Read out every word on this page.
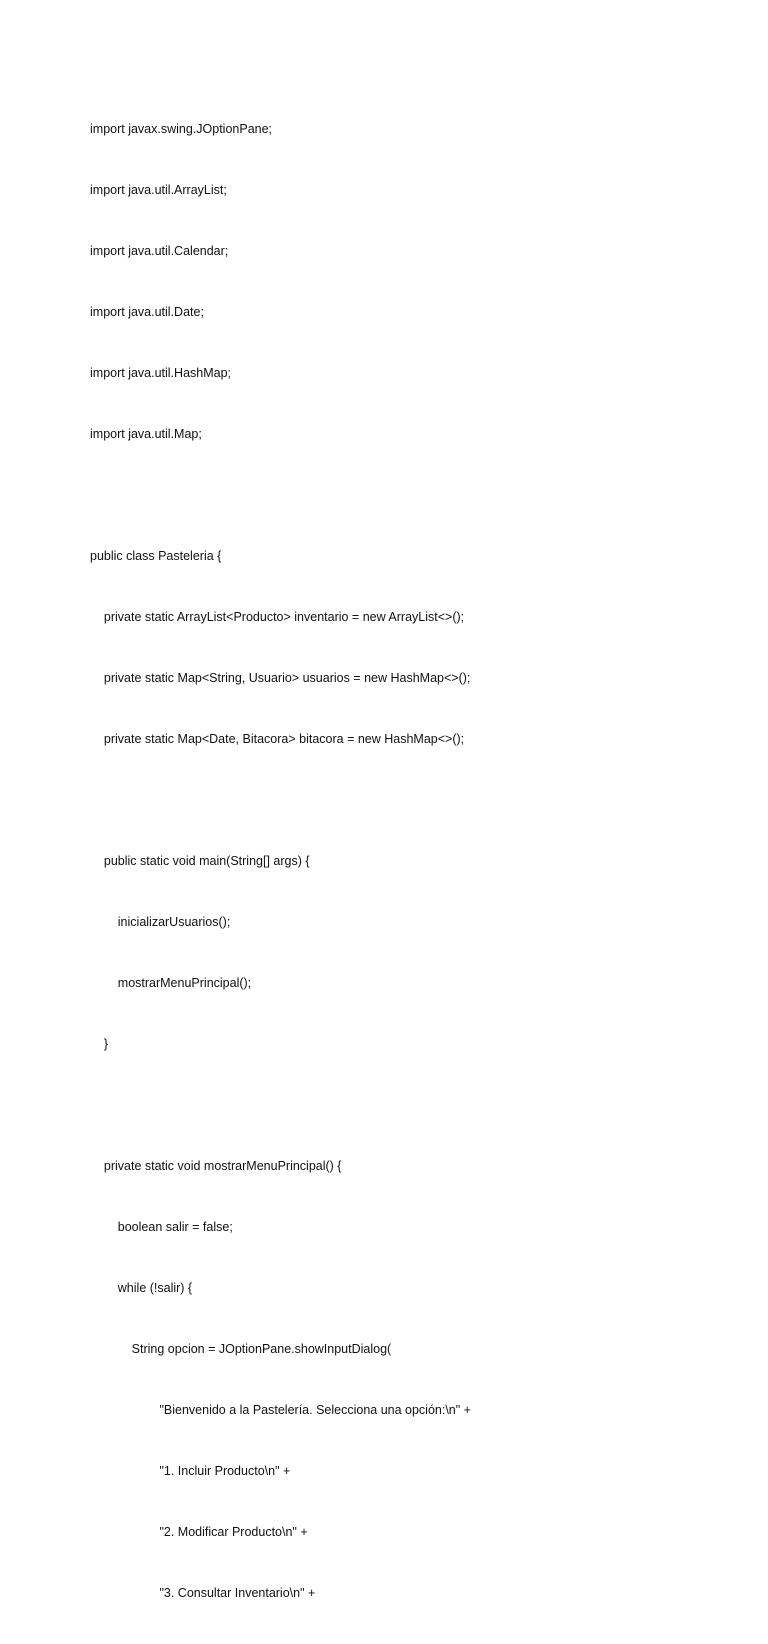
import javax.swing.JOptionPane;

import java.util.ArrayList;

import java.util.Calendar;

import java.util.Date;

import java.util.HashMap;

import java.util.Map;

public class Pasteleria {

private static ArrayList<Producto> inventario = new ArrayList<>();

private static Map<String, Usuario> usuarios = new HashMap<>();

private static Map<Date, Bitacora> bitacora = new HashMap<>();

public static void main(String[] args) {

inicializarUsuarios();

mostrarMenuPrincipal();

}

private static void mostrarMenuPrincipal() {

boolean salir = false;

while (!salir) {

String opcion = JOptionPane.showInputDialog(

"Bienvenido a la Pastelería. Selecciona una opción:\n" +

"1. Incluir Producto\n" +

"2. Modificar Producto\n" +

"3. Consultar Inventario\n" +
